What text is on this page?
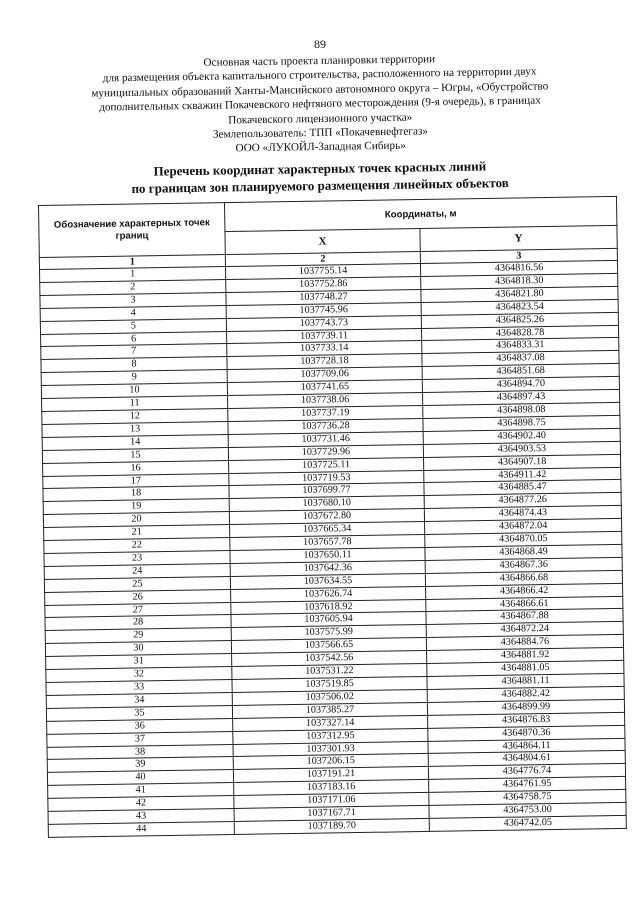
89
Основная часть проекта планировки территории
для размещения объекта капитального строительства, расположенного на территории двух
муниципальных образований Ханты-Мансийского автономного округа – Югры, «Обустройство
дополнительных скважин Покачевского нефтяного месторождения (9-я очередь), в границах
Покачевского лицензионного участка»
Землепользователь: ТПП «Покачевнефтегаз»
ООО «ЛУКОЙЛ-Западная Сибирь»
Перечень координат характерных точек красных линий
по границам зон планируемого размещения линейных объектов
Обозначение характерных точек границ	Координаты, м	
	X	Y
1	2	3
1	1037755.14	4364816.56
2	1037752.86	4364818.30
3	1037748.27	4364821.80
4	1037745.96	4364823.54
5	1037743.73	4364825.26
6	1037739.11	4364828.78
7	1037733.14	4364833.31
8	1037728.18	4364837.08
9	1037709.06	4364851.68
10	1037741.65	4364894.70
11	1037738.06	4364897.43
12	1037737.19	4364898.08
13	1037736.28	4364898.75
14	1037731.46	4364902.40
15	1037729.96	4364903.53
16	1037725.11	4364907.18
17	1037719.53	4364911.42
18	1037699.77	4364885.47
19	1037680.10	4364877.26
20	1037672.80	4364874.43
21	1037665.34	4364872.04
22	1037657.78	4364870.05
23	1037650.11	4364868.49
24	1037642.36	4364867.36
25	1037634.55	4364866.68
26	1037626.74	4364866.42
27	1037618.92	4364866.61
28	1037605.94	4364867.88
29	1037575.99	4364872.24
30	1037566.65	4364884.76
31	1037542.56	4364881.92
32	1037531.22	4364881.05
33	1037519.85	4364881.11
34	1037506.02	4364882.42
35	1037385.27	4364899.99
36	1037327.14	4364876.83
37	1037312.95	4364870.36
38	1037301.93	4364864.11
39	1037206.15	4364804.61
40	1037191.21	4364776.74
41	1037183.16	4364761.95
42	1037171.06	4364758.75
43	1037167.71	4364753.00
44	1037189.70	4364742.05
